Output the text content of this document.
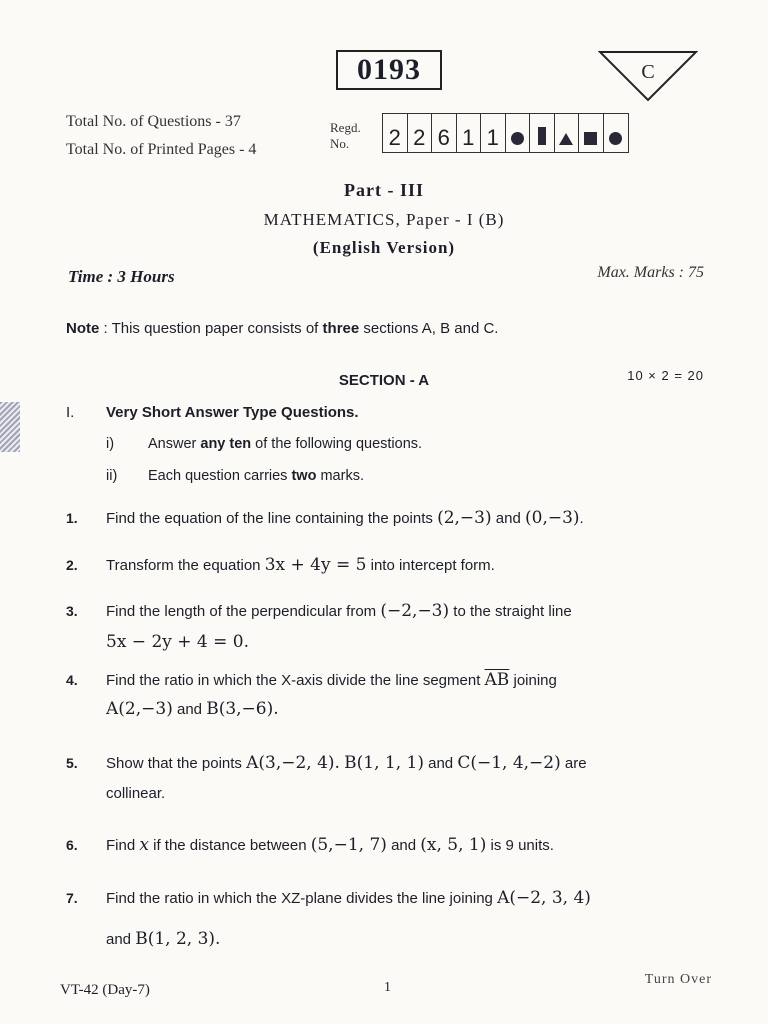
0193	C
Total No. of Questions - 37
Total No. of Printed Pages - 4
Regd.
No.	2 2 6 1 1
Part - III
MATHEMATICS, Paper - I (B)
(English Version)
Time : 3 Hours	Max. Marks : 75
Note : This question paper consists of three sections A, B and C.
SECTION - A	10 × 2 = 20
I. Very Short Answer Type Questions.
i) Answer any ten of the following questions.
ii) Each question carries two marks.
1. Find the equation of the line containing the points (2,−3) and (0,−3).
2. Transform the equation 3x + 4y = 5 into intercept form.
3. Find the length of the perpendicular from (−2,−3) to the straight line
5x − 2y + 4 = 0.
4. Find the ratio in which the X-axis divide the line segment $\overline{AB}$ joining
A(2,−3) and B(3,−6).
5. Show that the points A(3,−2, 4). B(1, 1, 1) and C(−1, 4,−2) are
collinear.
6. Find x if the distance between (5,−1, 7) and (x, 5, 1) is 9 units.
7. Find the ratio in which the XZ-plane divides the line joining A(−2, 3, 4)
and B(1, 2, 3).
VT-42 (Day-7)	1
Turn Over
